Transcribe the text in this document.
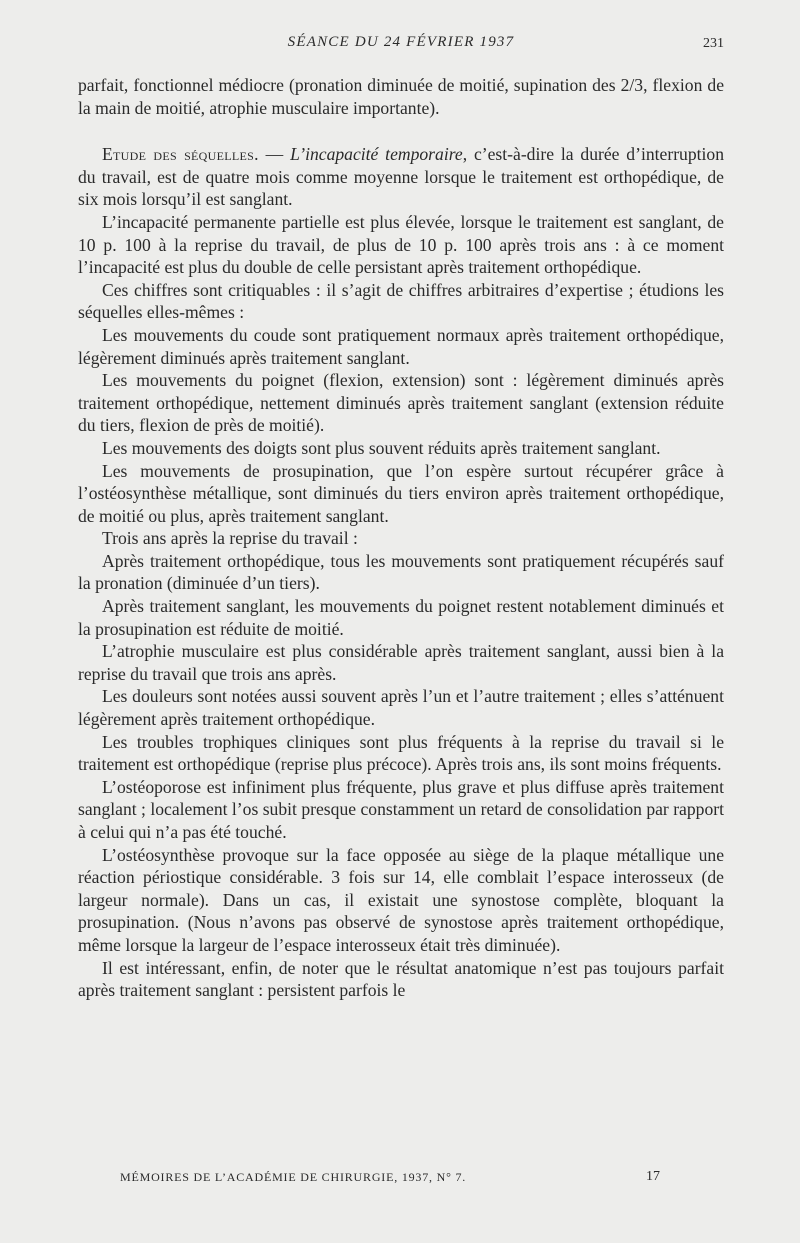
SÉANCE DU 24 FÉVRIER 1937	231

parfait, fonctionnel médiocre (pronation diminuée de moitié, supination des 2/3, flexion de la main de moitié, atrophie musculaire importante).

Etude des séquelles. — L’incapacité temporaire, c’est-à-dire la durée d’interruption du travail, est de quatre mois comme moyenne lorsque le traitement est orthopédique, de six mois lorsqu’il est sanglant.

L’incapacité permanente partielle est plus élevée, lorsque le traitement est sanglant, de 10 p. 100 à la reprise du travail, de plus de 10 p. 100 après trois ans : à ce moment l’incapacité est plus du double de celle persistant après traitement orthopédique.

Ces chiffres sont critiquables : il s’agit de chiffres arbitraires d’expertise ; étudions les séquelles elles-mêmes :

Les mouvements du coude sont pratiquement normaux après traitement orthopédique, légèrement diminués après traitement sanglant.

Les mouvements du poignet (flexion, extension) sont : légèrement diminués après traitement orthopédique, nettement diminués après traitement sanglant (extension réduite du tiers, flexion de près de moitié).

Les mouvements des doigts sont plus souvent réduits après traitement sanglant.

Les mouvements de prosupination, que l’on espère surtout récupérer grâce à l’ostéosynthèse métallique, sont diminués du tiers environ après traitement orthopédique, de moitié ou plus, après traitement sanglant.

Trois ans après la reprise du travail :

Après traitement orthopédique, tous les mouvements sont pratiquement récupérés sauf la pronation (diminuée d’un tiers).

Après traitement sanglant, les mouvements du poignet restent notablement diminués et la prosupination est réduite de moitié.

L’atrophie musculaire est plus considérable après traitement sanglant, aussi bien à la reprise du travail que trois ans après.

Les douleurs sont notées aussi souvent après l’un et l’autre traitement ; elles s’atténuent légèrement après traitement orthopédique.

Les troubles trophiques cliniques sont plus fréquents à la reprise du travail si le traitement est orthopédique (reprise plus précoce). Après trois ans, ils sont moins fréquents.

L’ostéoporose est infiniment plus fréquente, plus grave et plus diffuse après traitement sanglant ; localement l’os subit presque constamment un retard de consolidation par rapport à celui qui n’a pas été touché.

L’ostéosynthèse provoque sur la face opposée au siège de la plaque métallique une réaction périostique considérable. 3 fois sur 14, elle comblait l’espace interosseux (de largeur normale). Dans un cas, il existait une synostose complète, bloquant la prosupination. (Nous n’avons pas observé de synostose après traitement orthopédique, même lorsque la largeur de l’espace interosseux était très diminuée).

Il est intéressant, enfin, de noter que le résultat anatomique n’est pas toujours parfait après traitement sanglant : persistent parfois le

MÉMOIRES DE L’ACADÉMIE DE CHIRURGIE, 1937, N° 7.	17
